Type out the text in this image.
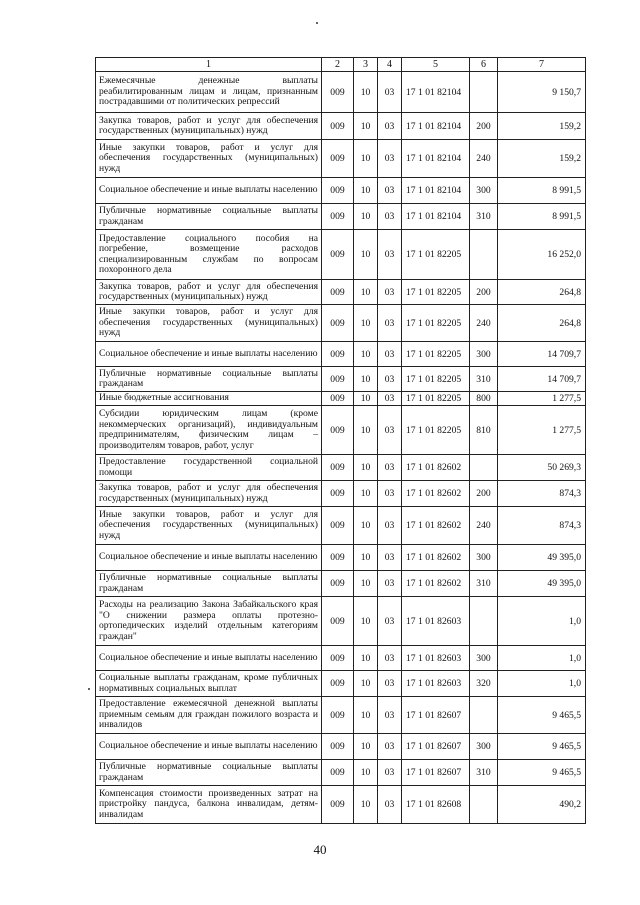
1	2	3	4	5	6	7
Ежемесячные денежные выплаты реабилитированным лицам и лицам, признанным пострадавшими от политических репрессий	009	10	03	17 1 01 82104		9 150,7
Закупка товаров, работ и услуг для обеспечения государственных (муниципальных) нужд	009	10	03	17 1 01 82104	200	159,2
Иные закупки товаров, работ и услуг для обеспечения государственных (муниципальных) нужд	009	10	03	17 1 01 82104	240	159,2
Социальное обеспечение и иные выплаты населению	009	10	03	17 1 01 82104	300	8 991,5
Публичные нормативные социальные выплаты гражданам	009	10	03	17 1 01 82104	310	8 991,5
Предоставление социального пособия на погребение, возмещение расходов специализированным службам по вопросам похоронного дела	009	10	03	17 1 01 82205		16 252,0
Закупка товаров, работ и услуг для обеспечения государственных (муниципальных) нужд	009	10	03	17 1 01 82205	200	264,8
Иные закупки товаров, работ и услуг для обеспечения государственных (муниципальных) нужд	009	10	03	17 1 01 82205	240	264,8
Социальное обеспечение и иные выплаты населению	009	10	03	17 1 01 82205	300	14 709,7
Публичные нормативные социальные выплаты гражданам	009	10	03	17 1 01 82205	310	14 709,7
Иные бюджетные ассигнования	009	10	03	17 1 01 82205	800	1 277,5
Субсидии юридическим лицам (кроме некоммерческих организаций), индивидуальным предпринимателям, физическим лицам – производителям товаров, работ, услуг	009	10	03	17 1 01 82205	810	1 277,5
Предоставление государственной социальной помощи	009	10	03	17 1 01 82602		50 269,3
Закупка товаров, работ и услуг для обеспечения государственных (муниципальных) нужд	009	10	03	17 1 01 82602	200	874,3
Иные закупки товаров, работ и услуг для обеспечения государственных (муниципальных) нужд	009	10	03	17 1 01 82602	240	874,3
Социальное обеспечение и иные выплаты населению	009	10	03	17 1 01 82602	300	49 395,0
Публичные нормативные социальные выплаты гражданам	009	10	03	17 1 01 82602	310	49 395,0
Расходы на реализацию Закона Забайкальского края "О снижении размера оплаты протезно-ортопедических изделий отдельным категориям граждан"	009	10	03	17 1 01 82603		1,0
Социальное обеспечение и иные выплаты населению	009	10	03	17 1 01 82603	300	1,0
Социальные выплаты гражданам, кроме публичных нормативных социальных выплат	009	10	03	17 1 01 82603	320	1,0
Предоставление ежемесячной денежной выплаты приемным семьям для граждан пожилого возраста и инвалидов	009	10	03	17 1 01 82607		9 465,5
Социальное обеспечение и иные выплаты населению	009	10	03	17 1 01 82607	300	9 465,5
Публичные нормативные социальные выплаты гражданам	009	10	03	17 1 01 82607	310	9 465,5
Компенсация стоимости произведенных затрат на пристройку пандуса, балкона инвалидам, детям-инвалидам	009	10	03	17 1 01 82608		490,2
40
